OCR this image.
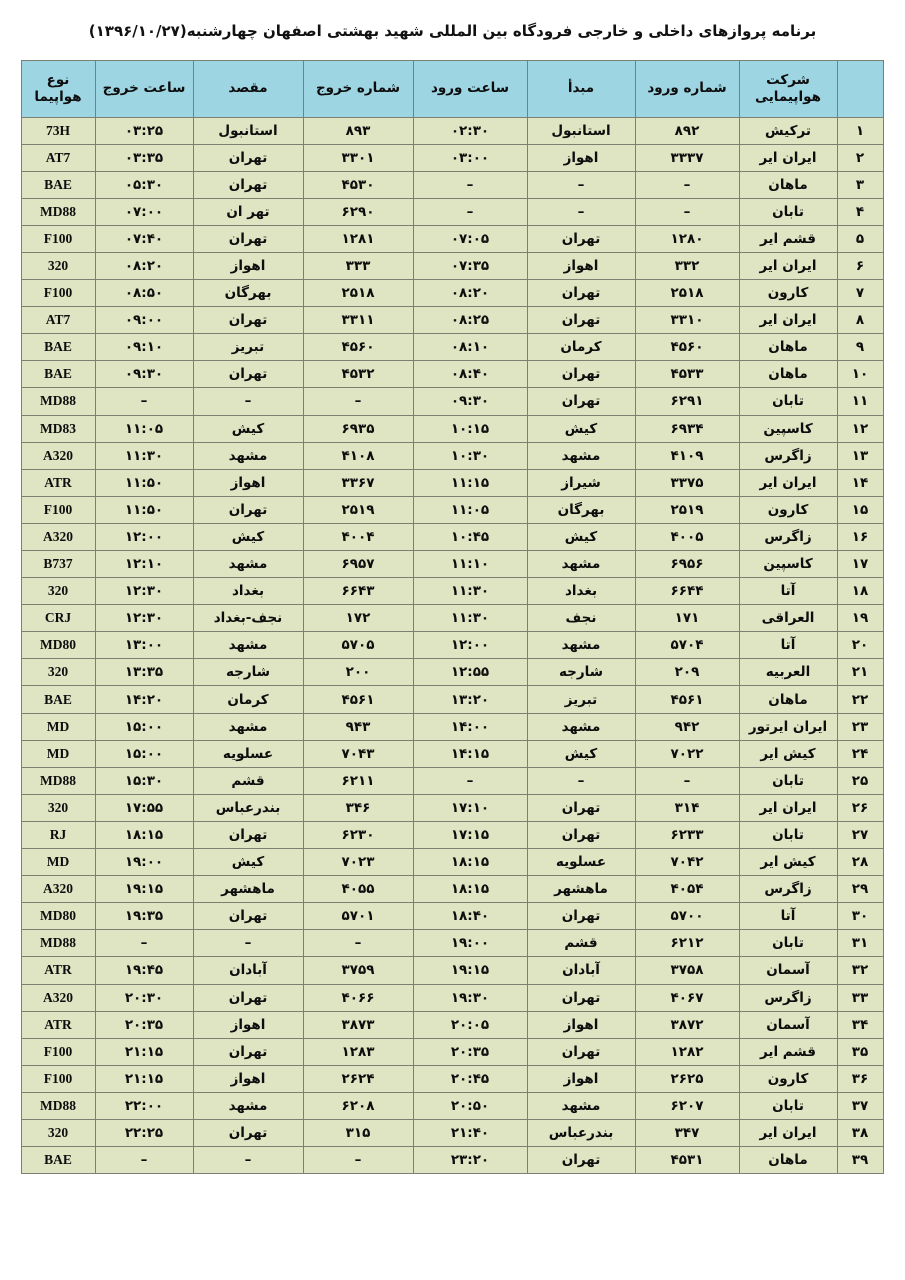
برنامه پروازهای داخلی و خارجی فرودگاه بین المللی شهید بهشتی اصفهان چهارشنبه(۱۳۹۶/۱۰/۲۷)
	شرکت هواپیمایی	شماره ورود	مبدأ	ساعت ورود	شماره خروج	مقصد	ساعت خروج	نوع هواپیما
۱	ترکیش	۸۹۲	استانبول	۰۲:۳۰	۸۹۳	استانبول	۰۳:۲۵	73H
۲	ایران ایر	۳۳۳۷	اهواز	۰۳:۰۰	۳۳۰۱	تهران	۰۳:۳۵	AT7
۳	ماهان	–	–	–	۴۵۳۰	تهران	۰۵:۳۰	BAE
۴	تابان	–	–	–	۶۲۹۰	تهر ان	۰۷:۰۰	MD88
۵	قشم ایر	۱۲۸۰	تهران	۰۷:۰۵	۱۲۸۱	تهران	۰۷:۴۰	F100
۶	ایران ایر	۳۳۲	اهواز	۰۷:۳۵	۳۳۳	اهواز	۰۸:۲۰	320
۷	کارون	۲۵۱۸	تهران	۰۸:۲۰	۲۵۱۸	بهرگان	۰۸:۵۰	F100
۸	ایران ایر	۳۳۱۰	تهران	۰۸:۲۵	۳۳۱۱	تهران	۰۹:۰۰	AT7
۹	ماهان	۴۵۶۰	کرمان	۰۸:۱۰	۴۵۶۰	تبریز	۰۹:۱۰	BAE
۱۰	ماهان	۴۵۳۳	تهران	۰۸:۴۰	۴۵۳۲	تهران	۰۹:۳۰	BAE
۱۱	تابان	۶۲۹۱	تهران	۰۹:۳۰	–	–	–	MD88
۱۲	کاسپین	۶۹۳۴	کیش	۱۰:۱۵	۶۹۳۵	کیش	۱۱:۰۵	MD83
۱۳	زاگرس	۴۱۰۹	مشهد	۱۰:۳۰	۴۱۰۸	مشهد	۱۱:۳۰	A320
۱۴	ایران ایر	۳۳۷۵	شیراز	۱۱:۱۵	۳۳۶۷	اهواز	۱۱:۵۰	ATR
۱۵	کارون	۲۵۱۹	بهرگان	۱۱:۰۵	۲۵۱۹	تهران	۱۱:۵۰	F100
۱۶	زاگرس	۴۰۰۵	کیش	۱۰:۴۵	۴۰۰۴	کیش	۱۲:۰۰	A320
۱۷	کاسپین	۶۹۵۶	مشهد	۱۱:۱۰	۶۹۵۷	مشهد	۱۲:۱۰	B737
۱۸	آتا	۶۶۴۴	بغداد	۱۱:۳۰	۶۶۴۳	بغداد	۱۲:۳۰	320
۱۹	العراقی	۱۷۱	نجف	۱۱:۳۰	۱۷۲	نجف-بغداد	۱۲:۳۰	CRJ
۲۰	آتا	۵۷۰۴	مشهد	۱۲:۰۰	۵۷۰۵	مشهد	۱۳:۰۰	MD80
۲۱	العربیه	۲۰۹	شارجه	۱۲:۵۵	۲۰۰	شارجه	۱۳:۳۵	320
۲۲	ماهان	۴۵۶۱	تبریز	۱۳:۲۰	۴۵۶۱	کرمان	۱۴:۲۰	BAE
۲۳	ایران ایرتور	۹۴۲	مشهد	۱۴:۰۰	۹۴۳	مشهد	۱۵:۰۰	MD
۲۴	کیش ایر	۷۰۲۲	کیش	۱۴:۱۵	۷۰۴۳	عسلویه	۱۵:۰۰	MD
۲۵	تابان	–	–	–	۶۲۱۱	قشم	۱۵:۳۰	MD88
۲۶	ایران ایر	۳۱۴	تهران	۱۷:۱۰	۳۴۶	بندرعباس	۱۷:۵۵	320
۲۷	تابان	۶۲۳۳	تهران	۱۷:۱۵	۶۲۳۰	تهران	۱۸:۱۵	RJ
۲۸	کیش ایر	۷۰۴۲	عسلویه	۱۸:۱۵	۷۰۲۳	کیش	۱۹:۰۰	MD
۲۹	زاگرس	۴۰۵۴	ماهشهر	۱۸:۱۵	۴۰۵۵	ماهشهر	۱۹:۱۵	A320
۳۰	آتا	۵۷۰۰	تهران	۱۸:۴۰	۵۷۰۱	تهران	۱۹:۳۵	MD80
۳۱	تابان	۶۲۱۲	قشم	۱۹:۰۰	–	–	–	MD88
۳۲	آسمان	۳۷۵۸	آبادان	۱۹:۱۵	۳۷۵۹	آبادان	۱۹:۴۵	ATR
۳۳	زاگرس	۴۰۶۷	تهران	۱۹:۳۰	۴۰۶۶	تهران	۲۰:۳۰	A320
۳۴	آسمان	۳۸۷۲	اهواز	۲۰:۰۵	۳۸۷۳	اهواز	۲۰:۳۵	ATR
۳۵	قشم ایر	۱۲۸۲	تهران	۲۰:۳۵	۱۲۸۳	تهران	۲۱:۱۵	F100
۳۶	کارون	۲۶۲۵	اهواز	۲۰:۴۵	۲۶۲۴	اهواز	۲۱:۱۵	F100
۳۷	تابان	۶۲۰۷	مشهد	۲۰:۵۰	۶۲۰۸	مشهد	۲۲:۰۰	MD88
۳۸	ایران ایر	۳۴۷	بندرعباس	۲۱:۴۰	۳۱۵	تهران	۲۲:۲۵	320
۳۹	ماهان	۴۵۳۱	تهران	۲۳:۲۰	–	–	–	BAE
